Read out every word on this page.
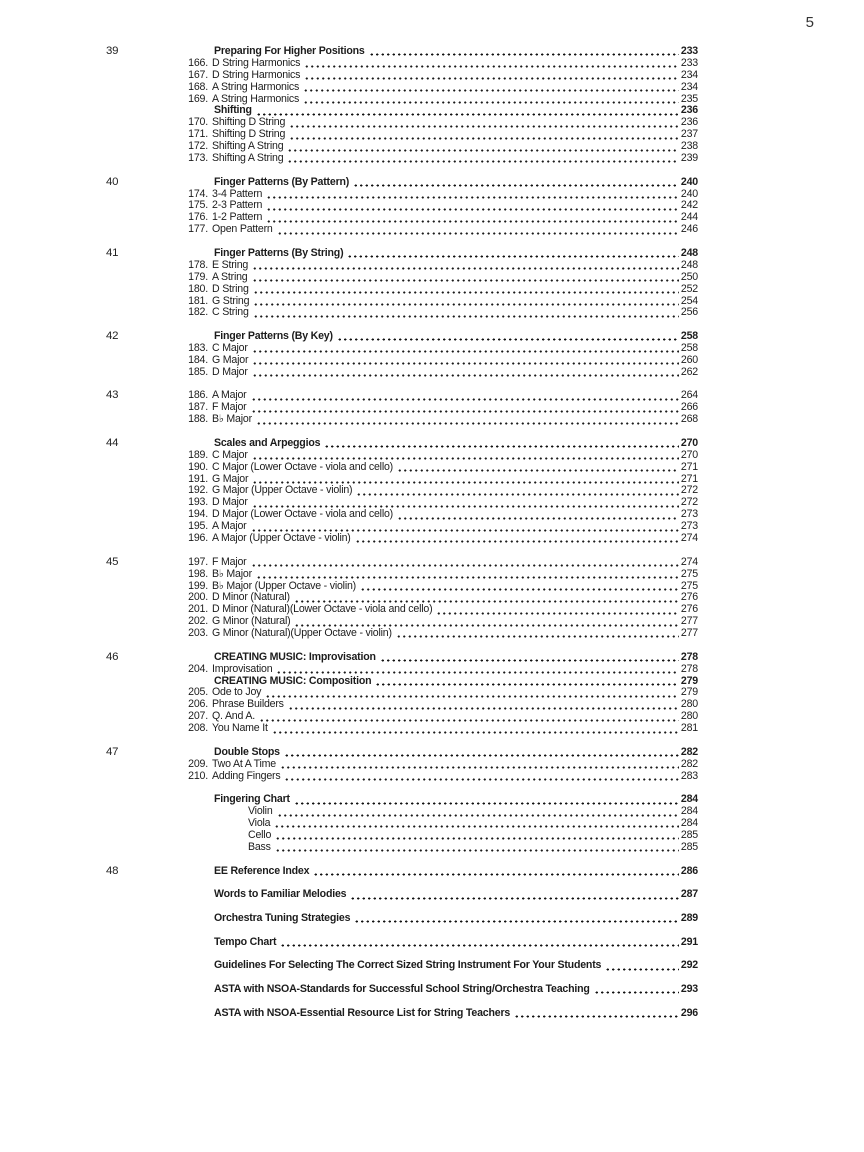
5
39	Preparing For Higher Positions	233
166. D String Harmonics	233
167. D String Harmonics	234
168. A String Harmonics	234
169. A String Harmonics	235
Shifting	236
170. Shifting D String	236
171. Shifting D String	237
172. Shifting A String	238
173. Shifting A String	239
40	Finger Patterns (By Pattern)	240
174. 3-4 Pattern	240
175. 2-3 Pattern	242
176. 1-2 Pattern	244
177. Open Pattern	246
41	Finger Patterns (By String)	248
178. E String	248
179. A String	250
180. D String	252
181. G String	254
182. C String	256
42	Finger Patterns (By Key)	258
183. C Major	258
184. G Major	260
185. D Major	262
43	186. A Major	264
187. F Major	266
188. B♭ Major	268
44	Scales and Arpeggios	270
189. C Major	270
190. C Major (Lower Octave - viola and cello)	271
191. G Major	271
192. G Major (Upper Octave - violin)	272
193. D Major	272
194. D Major (Lower Octave - viola and cello)	273
195. A Major	273
196. A Major (Upper Octave - violin)	274
45	197. F Major	274
198. B♭ Major	275
199. B♭ Major (Upper Octave - violin)	275
200. D Minor (Natural)	276
201. D Minor (Natural)(Lower Octave - viola and cello)	276
202. G Minor (Natural)	277
203. G Minor (Natural)(Upper Octave - violin)	277
46	CREATING MUSIC: Improvisation	278
204. Improvisation	278
CREATING MUSIC: Composition	279
205. Ode to Joy	279
206. Phrase Builders	280
207. Q. And A.	280
208. You Name It	281
47	Double Stops	282
209. Two At A Time	282
210. Adding Fingers	283
Fingering Chart	284
Violin	284
Viola	284
Cello	285
Bass	285
48	EE Reference Index	286
Words to Familiar Melodies	287
Orchestra Tuning Strategies	289
Tempo Chart	291
Guidelines For Selecting The Correct Sized String Instrument For Your Students	292
ASTA with NSOA-Standards for Successful School String/Orchestra Teaching	293
ASTA with NSOA-Essential Resource List for String Teachers	296
